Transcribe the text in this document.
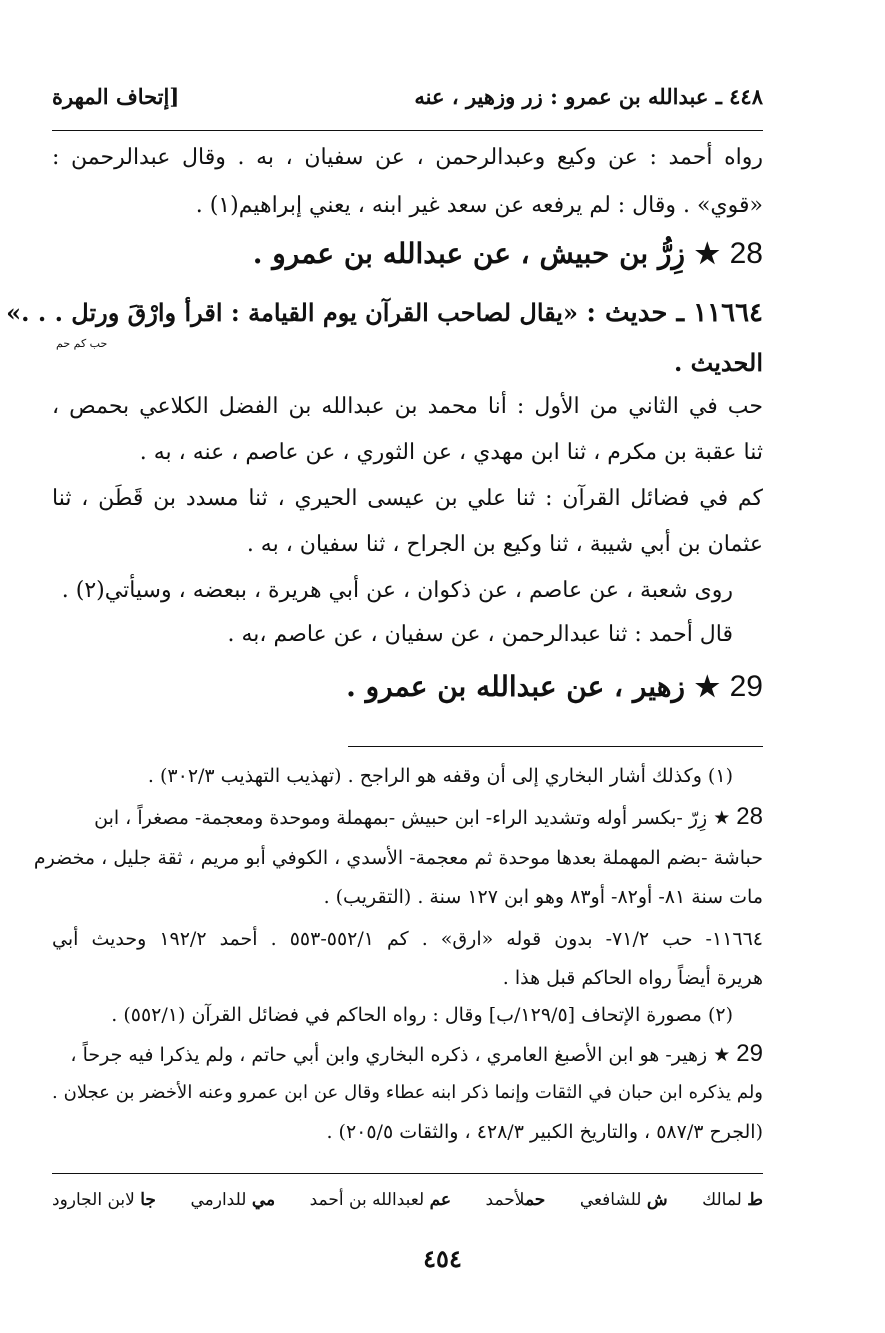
٤٤٨ ـ عبدالله بن عمرو : زر وزهير ، عنه
[إتحاف المهرة
رواه أحمد : عن وكيع وعبدالرحمن ، عن سفيان ، به . وقال عبدالرحمن :
«قوي» . وقال : لم يرفعه عن سعد غير ابنه ، يعني إبراهيم(١) .
28 ★ زِرُّ بن حبيش ، عن عبدالله بن عمرو .
١١٦٦٤ ـ حديث : «يقال لصاحب القرآن يوم القيامة : اقرأ وارْقَ ورتل . . .»
حب كم حم
الحديث .
حب في الثاني من الأول : أنا محمد بن عبدالله بن الفضل الكلاعي بحمص ،
ثنا عقبة بن مكرم ، ثنا ابن مهدي ، عن الثوري ، عن عاصم ، عنه ، به .
كم في فضائل القرآن : ثنا علي بن عيسى الحيري ، ثنا مسدد بن قَطَن ، ثنا
عثمان بن أبي شيبة ، ثنا وكيع بن الجراح ، ثنا سفيان ، به .
روى شعبة ، عن عاصم ، عن ذكوان ، عن أبي هريرة ، ببعضه ، وسيأتي(٢) .
قال أحمد : ثنا عبدالرحمن ، عن سفيان ، عن عاصم ،به .
29 ★ زهير ، عن عبدالله بن عمرو .
(١) وكذلك أشار البخاري إلى أن وقفه هو الراجح . (تهذيب التهذيب ٣٠٢/٣) .
28 ★ زِرّ -بكسر أوله وتشديد الراء- ابن حبيش -بمهملة وموحدة ومعجمة- مصغراً ، ابن
حباشة -بضم المهملة بعدها موحدة ثم معجمة- الأسدي ، الكوفي أبو مريم ، ثقة جليل ، مخضرم
مات سنة ٨١- أو٨٢- أو٨٣ وهو ابن ١٢٧ سنة . (التقريب) .
١١٦٦٤- حب ٧١/٢- بدون قوله «ارق» . كم ٥٥٢/١-٥٥٣ . أحمد ١٩٢/٢ وحديث أبي
هريرة أيضاً رواه الحاكم قبل هذا .
(٢) مصورة الإتحاف [١٢٩/٥/ب] وقال : رواه الحاكم في فضائل القرآن (٥٥٢/١) .
29 ★ زهير- هو ابن الأصبغ العامري ، ذكره البخاري وابن أبي حاتم ، ولم يذكرا فيه جرحاً ،
ولم يذكره ابن حبان في الثقات وإنما ذكر ابنه عطاء وقال عن ابن عمرو وعنه الأخضر بن عجلان .
(الجرح ٥٨٧/٣ ، والتاريخ الكبير ٤٢٨/٣ ، والثقات ٢٠٥/٥) .
ط لمالك
ش للشافعي
حملأحمد
عم لعبدالله بن أحمد
مي للدارمي
جا لابن الجارود
٤٥٤
